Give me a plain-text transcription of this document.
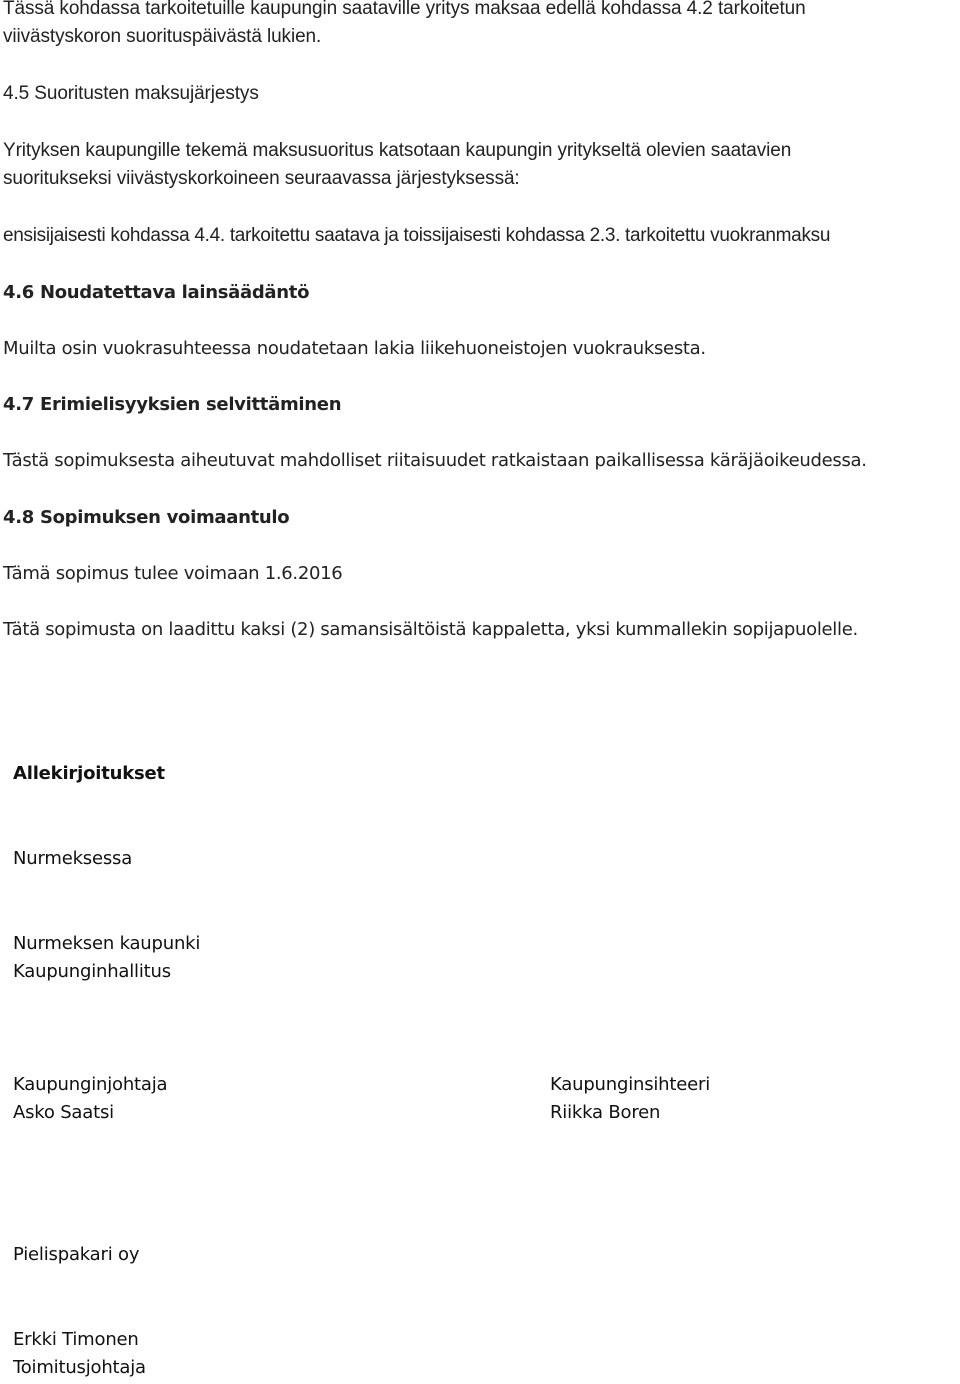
Tässä kohdassa tarkoitetuille kaupungin saataville yritys maksaa edellä kohdassa 4.2 tarkoitetun
viivästyskoron suorituspäivästä lukien.
4.5 Suoritusten maksujärjestys
Yrityksen kaupungille tekemä maksusuoritus katsotaan kaupungin yritykseltä olevien saatavien
suoritukseksi viivästyskorkoineen seuraavassa järjestyksessä:
ensisijaisesti kohdassa 4.4. tarkoitettu saatava ja toissijaisesti kohdassa 2.3. tarkoitettu vuokranmaksu
4.6 Noudatettava lainsäädäntö
Muilta osin vuokrasuhteessa noudatetaan lakia liikehuoneistojen vuokrauksesta.
4.7 Erimielisyyksien selvittäminen
Tästä sopimuksesta aiheutuvat mahdolliset riitaisuudet ratkaistaan paikallisessa käräjäoikeudessa.
4.8 Sopimuksen voimaantulo
Tämä sopimus tulee voimaan 1.6.2016
Tätä sopimusta on laadittu kaksi (2) samansisältöistä kappaletta, yksi kummallekin sopijapuolelle.
Allekirjoitukset
Nurmeksessa
Nurmeksen kaupunki
Kaupunginhallitus
Kaupunginjohtaja
Asko Saatsi
Kaupunginsihteeri
Riikka Boren
Pielispakari oy
Erkki Timonen
Toimitusjohtaja
